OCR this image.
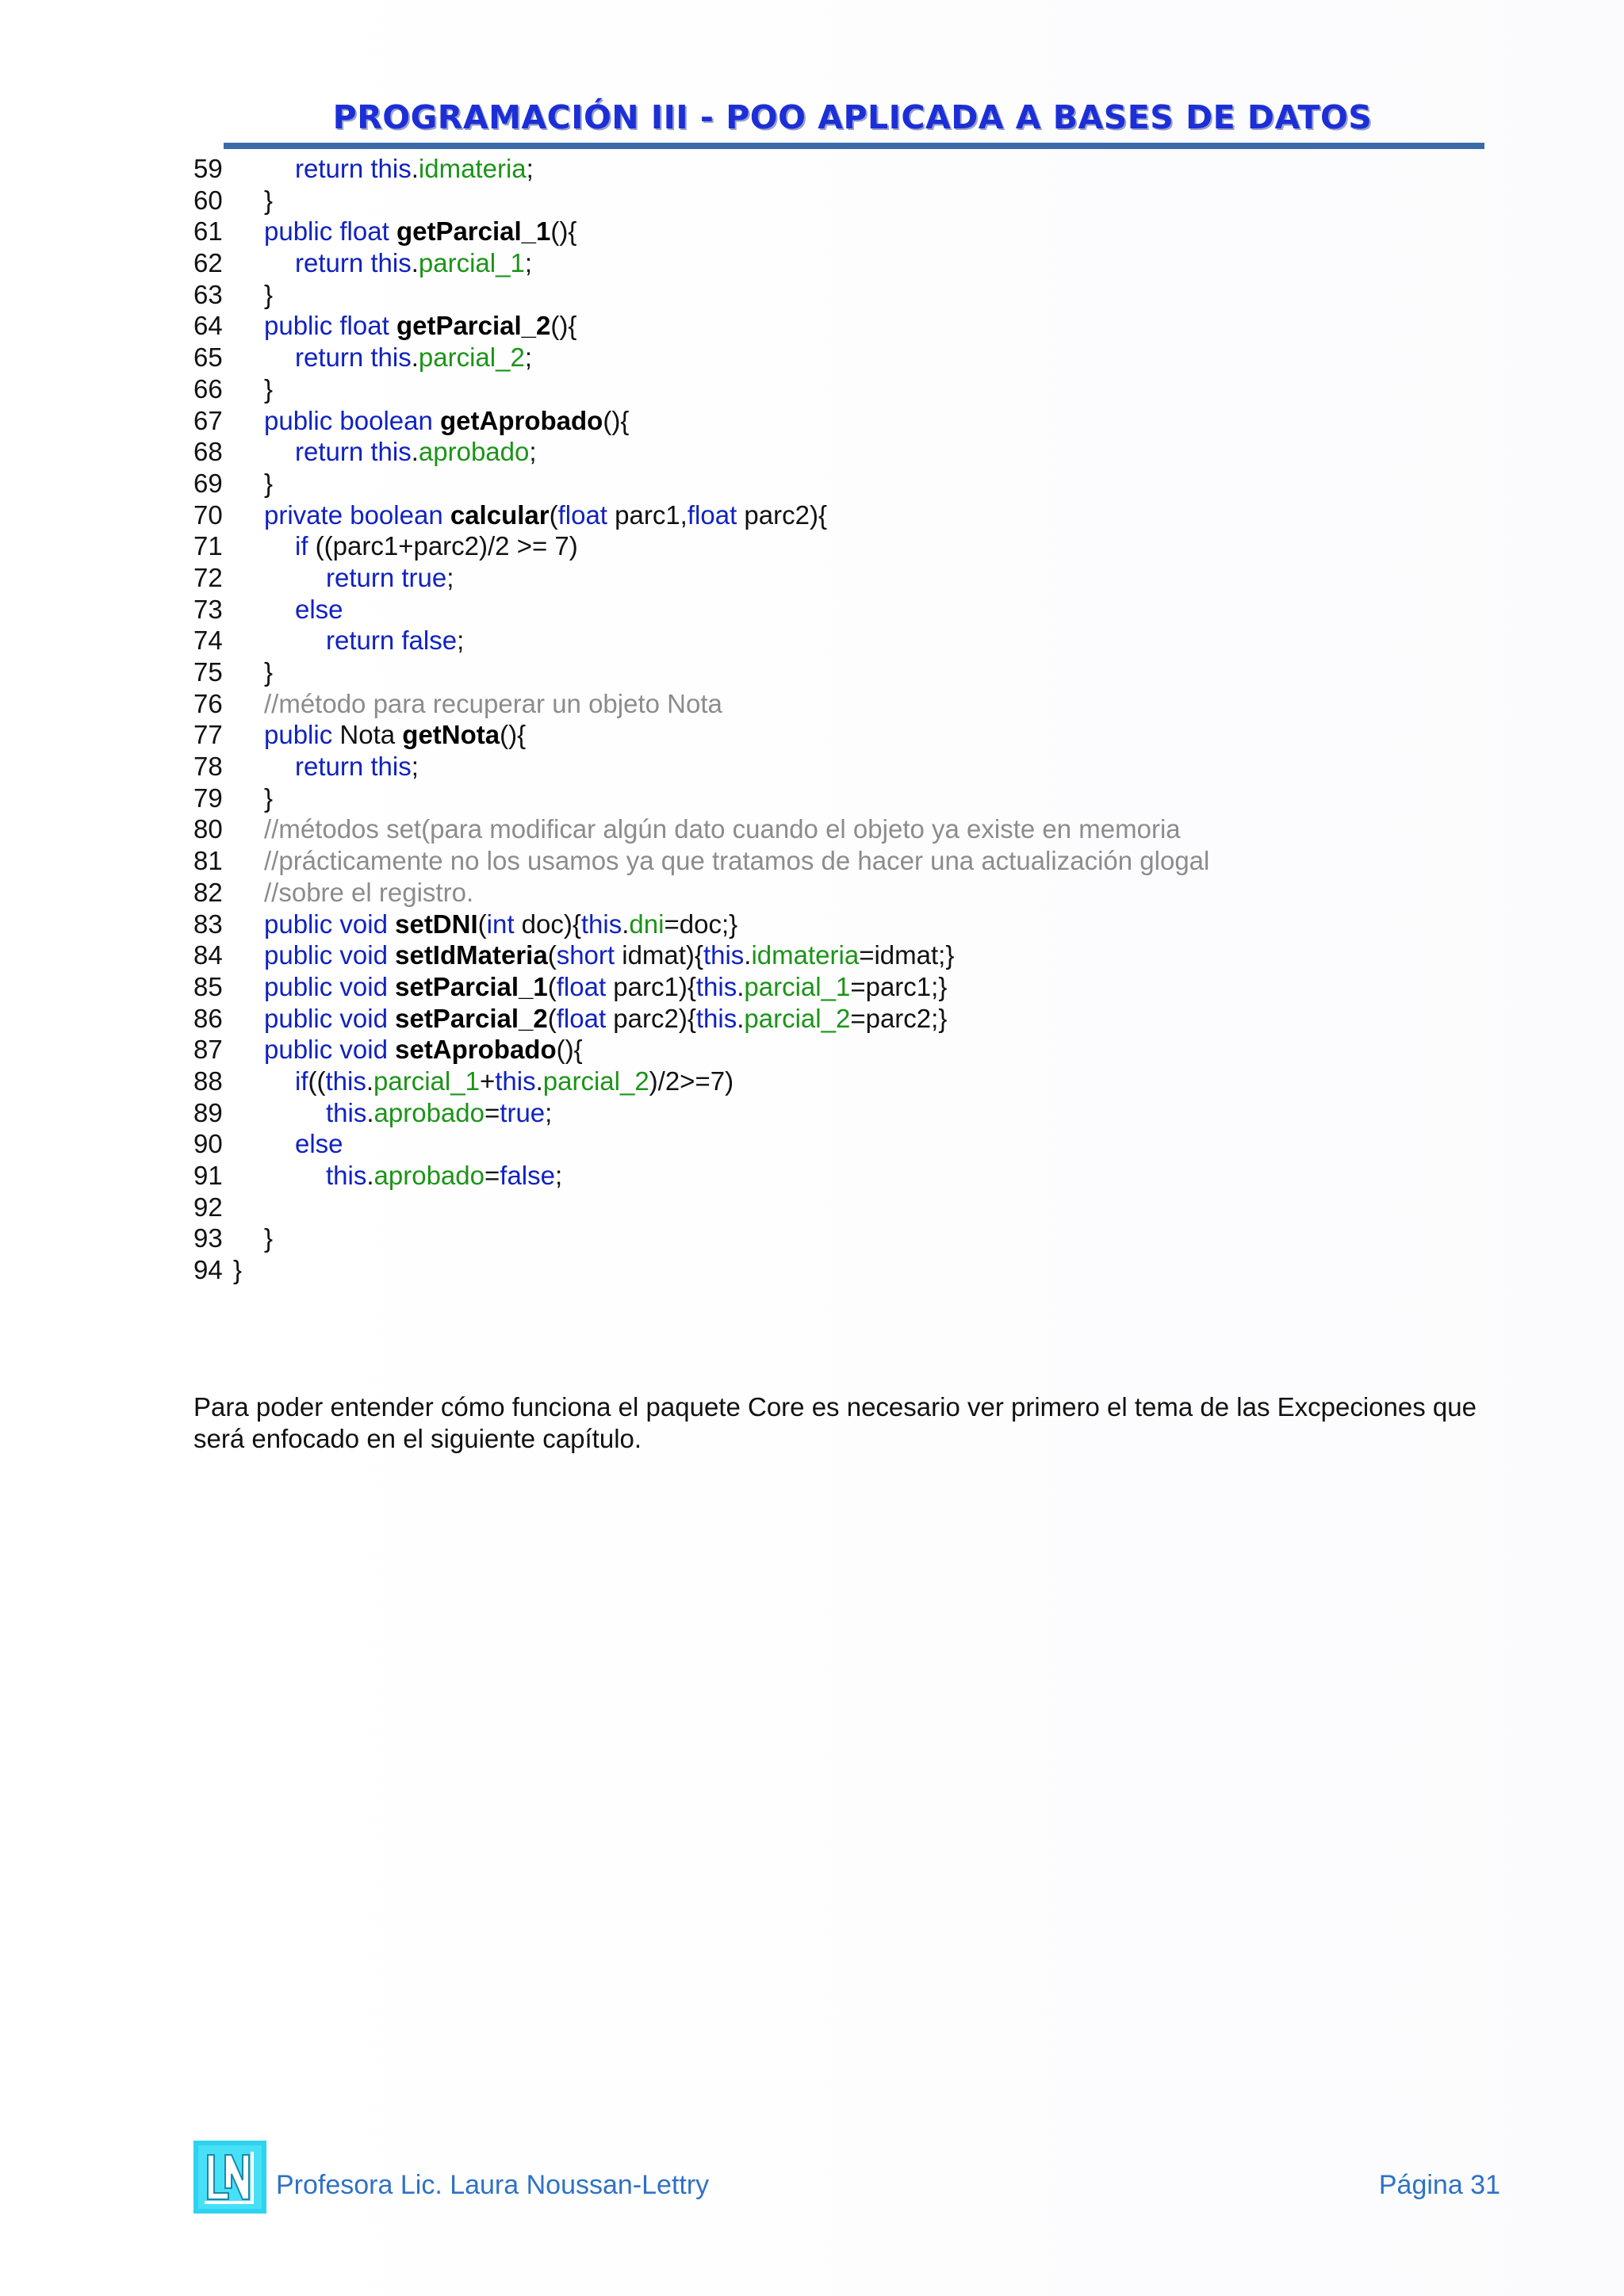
PROGRAMACIÓN III - POO APLICADA A BASES DE DATOS
59	return this.idmateria;
60 }
61 public float getParcial_1(){
62	return this.parcial_1;
63 }
64 public float getParcial_2(){
65	return this.parcial_2;
66 }
67 public boolean getAprobado(){
68	return this.aprobado;
69 }
70 private boolean calcular(float parc1,float parc2){
71	if ((parc1+parc2)/2 >= 7)
72	return true;
73	else
74	return false;
75 }
76 //método para recuperar un objeto Nota
77 public Nota getNota(){
78	return this;
79 }
80 //métodos set(para modificar algún dato cuando el objeto ya existe en memoria
81 //prácticamente no los usamos ya que tratamos de hacer una actualización glogal
82 //sobre el registro.
83 public void setDNI(int doc){this.dni=doc;}
84 public void setIdMateria(short idmat){this.idmateria=idmat;}
85 public void setParcial_1(float parc1){this.parcial_1=parc1;}
86 public void setParcial_2(float parc2){this.parcial_2=parc2;}
87 public void setAprobado(){
88	if((this.parcial_1+this.parcial_2)/2>=7)
89	this.aprobado=true;
90	else
91	this.aprobado=false;
92
93 }
94 }
Para poder entender cómo funciona el paquete Core es necesario ver primero el tema de las Excpeciones que será enfocado en el siguiente capítulo.
Profesora Lic. Laura Noussan-Lettry	Página 31
